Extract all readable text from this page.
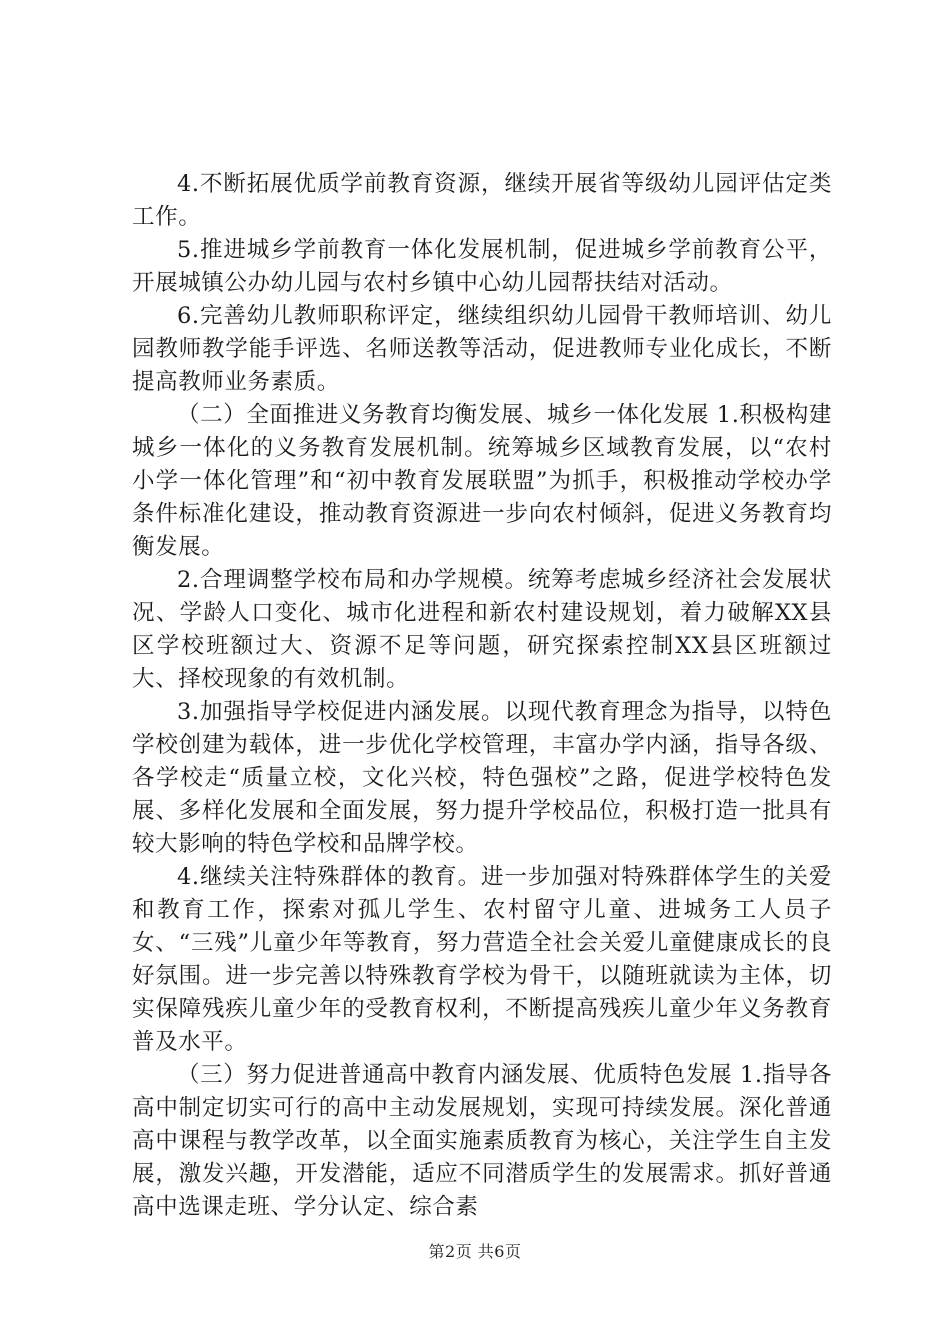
4.不断拓展优质学前教育资源，继续开展省等级幼儿园评估定类工作。

5.推进城乡学前教育一体化发展机制，促进城乡学前教育公平，开展城镇公办幼儿园与农村乡镇中心幼儿园帮扶结对活动。

6.完善幼儿教师职称评定，继续组织幼儿园骨干教师培训、幼儿园教师教学能手评选、名师送教等活动，促进教师专业化成长，不断提高教师业务素质。

（二）全面推进义务教育均衡发展、城乡一体化发展 1.积极构建城乡一体化的义务教育发展机制。统筹城乡区域教育发展，以“农村小学一体化管理”和“初中教育发展联盟”为抓手，积极推动学校办学条件标准化建设，推动教育资源进一步向农村倾斜，促进义务教育均衡发展。

2.合理调整学校布局和办学规模。统筹考虑城乡经济社会发展状况、学龄人口变化、城市化进程和新农村建设规划，着力破解XX县区学校班额过大、资源不足等问题，研究探索控制XX县区班额过大、择校现象的有效机制。

3.加强指导学校促进内涵发展。以现代教育理念为指导，以特色学校创建为载体，进一步优化学校管理，丰富办学内涵，指导各级、各学校走“质量立校，文化兴校，特色强校”之路，促进学校特色发展、多样化发展和全面发展，努力提升学校品位，积极打造一批具有较大影响的特色学校和品牌学校。

4.继续关注特殊群体的教育。进一步加强对特殊群体学生的关爱和教育工作，探索对孤儿学生、农村留守儿童、进城务工人员子女、“三残”儿童少年等教育，努力营造全社会关爱儿童健康成长的良好氛围。进一步完善以特殊教育学校为骨干，以随班就读为主体，切实保障残疾儿童少年的受教育权利，不断提高残疾儿童少年义务教育普及水平。

（三）努力促进普通高中教育内涵发展、优质特色发展 1.指导各高中制定切实可行的高中主动发展规划，实现可持续发展。深化普通高中课程与教学改革，以全面实施素质教育为核心，关注学生自主发展，激发兴趣，开发潜能，适应不同潜质学生的发展需求。抓好普通高中选课走班、学分认定、综合素

第2页 共6页
